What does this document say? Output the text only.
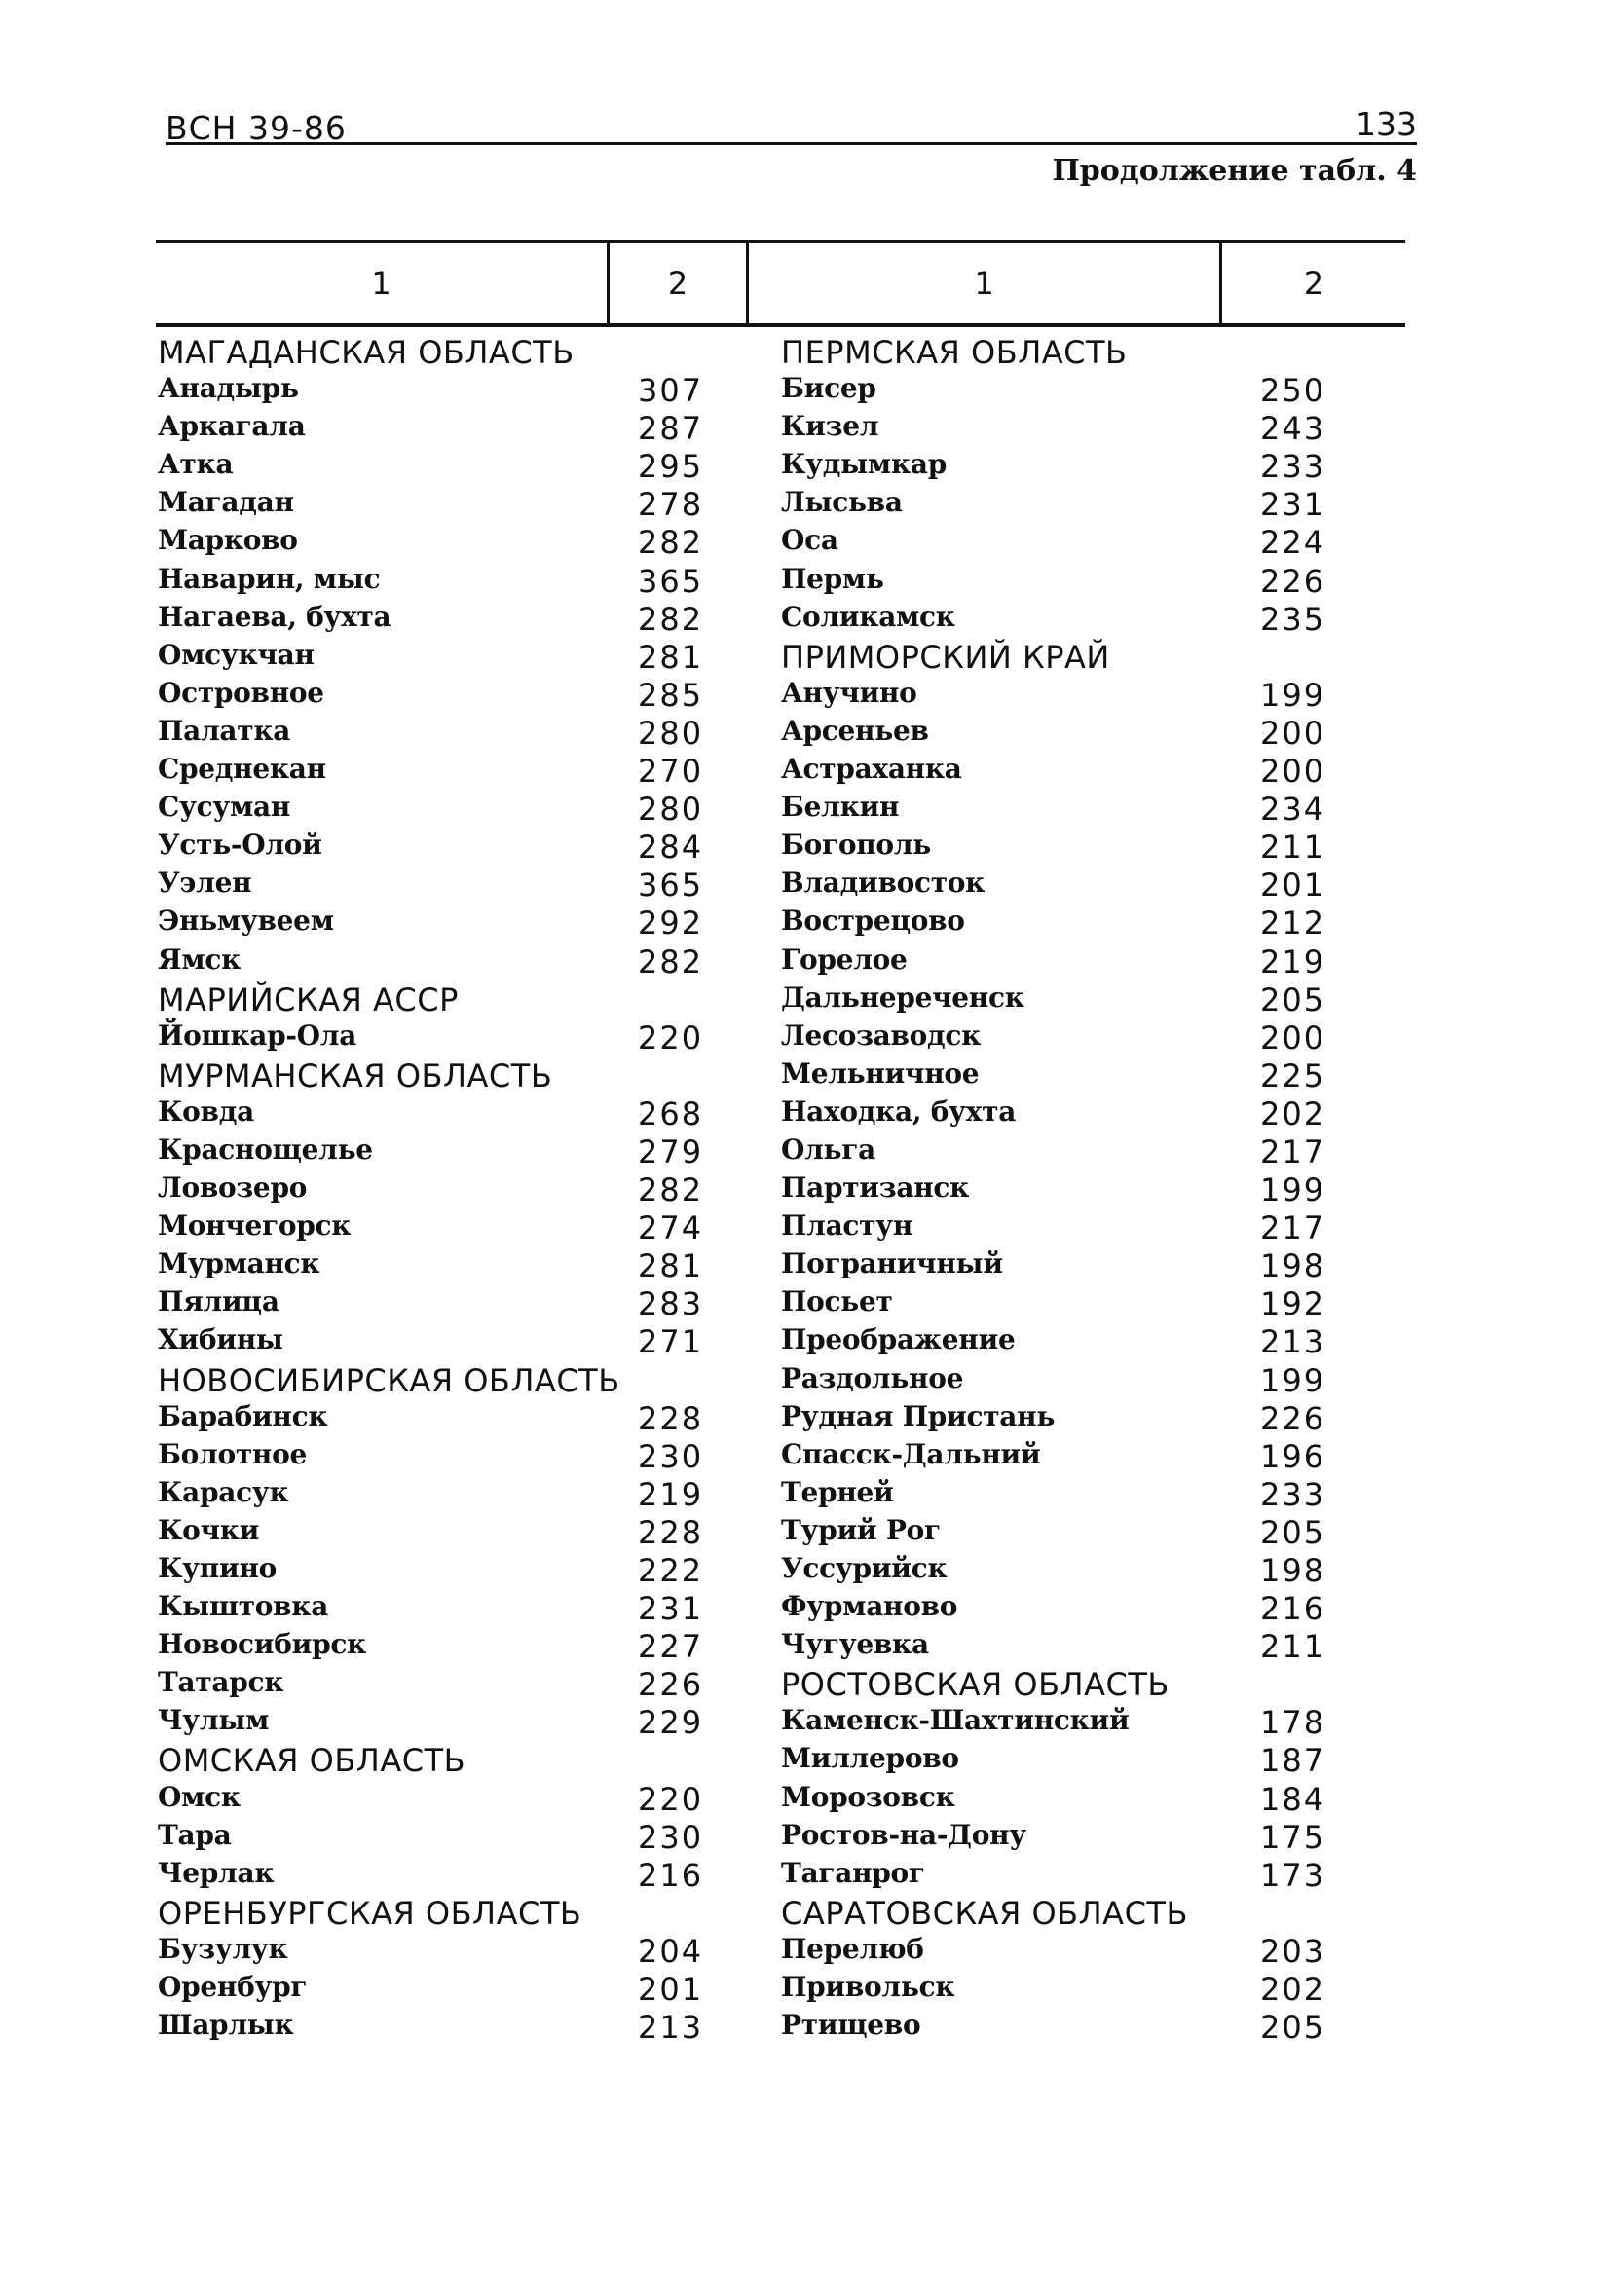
ВСН 39-86	133
Продолжение табл. 4
1	2	1	2
МАГАДАНСКАЯ ОБЛАСТЬ
Анадырь	307
Аркагала	287
Атка	295
Магадан	278
Марково	282
Наварин, мыс	365
Нагаева, бухта	282
Омсукчан	281
Островное	285
Палатка	280
Среднекан	270
Сусуман	280
Усть-Олой	284
Уэлен	365
Эньмувеем	292
Ямск	282
МАРИЙСКАЯ АССР
Йошкар-Ола	220
МУРМАНСКАЯ ОБЛАСТЬ
Ковда	268
Краснощелье	279
Ловозеро	282
Мончегорск	274
Мурманск	281
Пялица	283
Хибины	271
НОВОСИБИРСКАЯ ОБЛАСТЬ
Барабинск	228
Болотное	230
Карасук	219
Кочки	228
Купино	222
Кыштовка	231
Новосибирск	227
Татарск	226
Чулым	229
ОМСКАЯ ОБЛАСТЬ
Омск	220
Тара	230
Черлак	216
ОРЕНБУРГСКАЯ ОБЛАСТЬ
Бузулук	204
Оренбург	201
Шарлык	213
ПЕРМСКАЯ ОБЛАСТЬ
Бисер	250
Кизел	243
Кудымкар	233
Лысьва	231
Оса	224
Пермь	226
Соликамск	235
ПРИМОРСКИЙ КРАЙ
Анучино	199
Арсеньев	200
Астраханка	200
Белкин	234
Богополь	211
Владивосток	201
Вострецово	212
Горелое	219
Дальнереченск	205
Лесозаводск	200
Мельничное	225
Находка, бухта	202
Ольга	217
Партизанск	199
Пластун	217
Пограничный	198
Посьет	192
Преображение	213
Раздольное	199
Рудная Пристань	226
Спасск-Дальний	196
Терней	233
Турий Рог	205
Уссурийск	198
Фурманово	216
Чугуевка	211
РОСТОВСКАЯ ОБЛАСТЬ
Каменск-Шахтинский	178
Миллерово	187
Морозовск	184
Ростов-на-Дону	175
Таганрог	173
САРАТОВСКАЯ ОБЛАСТЬ
Перелюб	203
Привольск	202
Ртищево	205
